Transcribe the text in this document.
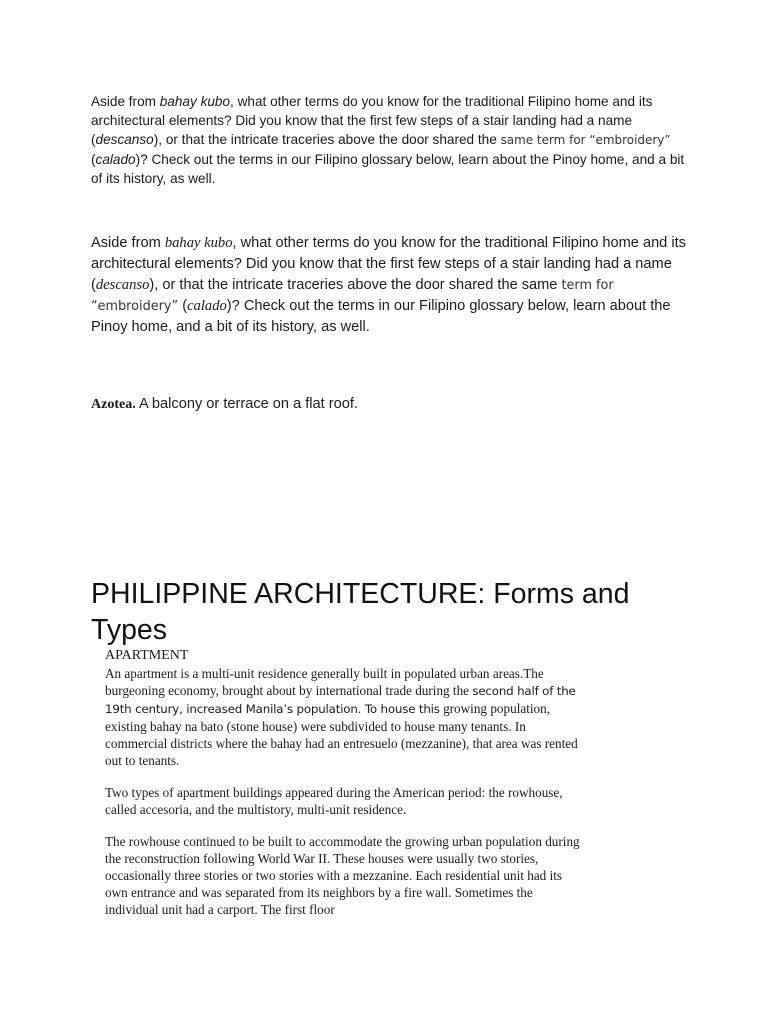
Aside from bahay kubo, what other terms do you know for the traditional Filipino home and its architectural elements? Did you know that the first few steps of a stair landing had a name (descanso), or that the intricate traceries above the door shared the same term for “embroidery” (calado)? Check out the terms in our Filipino glossary below, learn about the Pinoy home, and a bit of its history, as well.

Aside from bahay kubo, what other terms do you know for the traditional Filipino home and its architectural elements? Did you know that the first few steps of a stair landing had a name (descanso), or that the intricate traceries above the door shared the same term for “embroidery” (calado)? Check out the terms in our Filipino glossary below, learn about the Pinoy home, and a bit of its history, as well.

Azotea. A balcony or terrace on a flat roof.

PHILIPPINE ARCHITECTURE: Forms and Types
APARTMENT

An apartment is a multi-unit residence generally built in populated urban areas.The burgeoning economy, brought about by international trade during the second half of the 19th century, increased Manila’s population. To house this growing population, existing bahay na bato (stone house) were subdivided to house many tenants. In commercial districts where the bahay had an entresuelo (mezzanine), that area was rented out to tenants.

Two types of apartment buildings appeared during the American period: the rowhouse, called accesoria, and the multistory, multi-unit residence.

The rowhouse continued to be built to accommodate the growing urban population during the reconstruction following World War II. These houses were usually two stories, occasionally three stories or two stories with a mezzanine. Each residential unit had its own entrance and was separated from its neighbors by a fire wall. Sometimes the individual unit had a carport. The first floor
